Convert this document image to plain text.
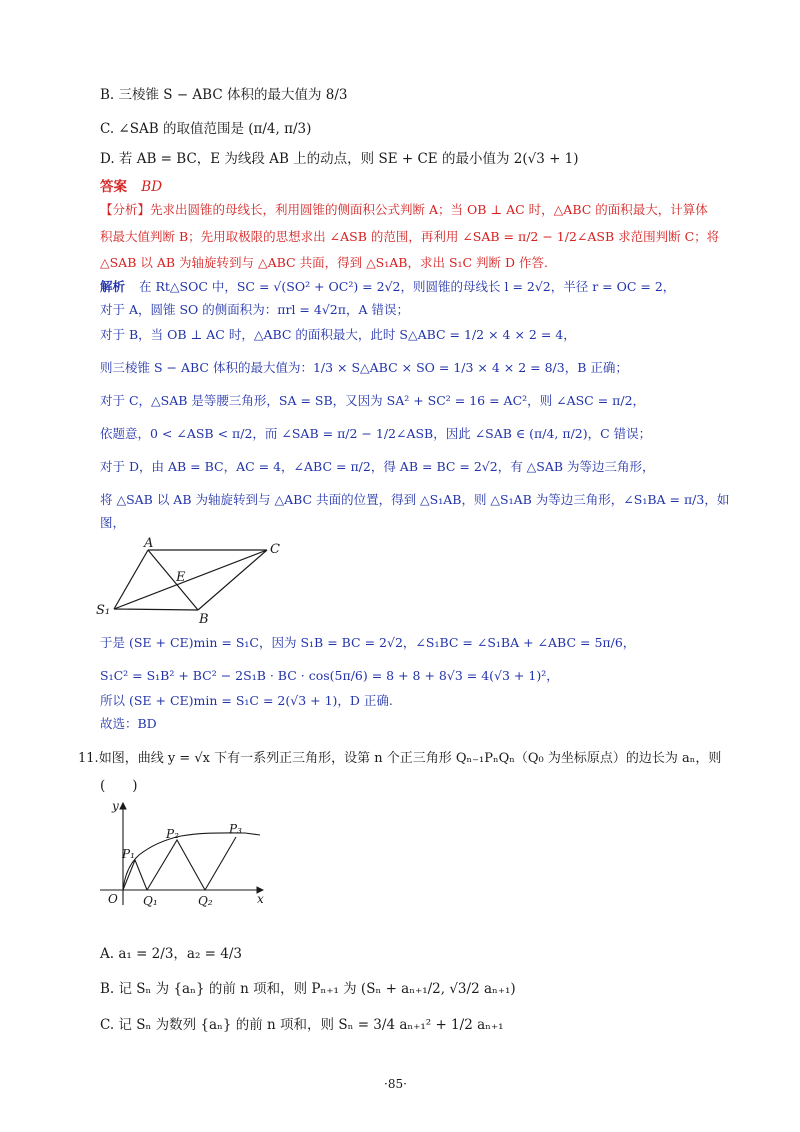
B. 三棱锥 S − ABC 体积的最大值为 8/3
C. ∠SAB 的取值范围是 (π/4, π/3)
D. 若 AB = BC，E 为线段 AB 上的动点，则 SE + CE 的最小值为 2(√3 + 1)
答案 BD
【分析】先求出圆锥的母线长，利用圆锥的侧面积公式判断 A；当 OB ⊥ AC 时，△ABC 的面积最大，计算体
积最大值判断 B；先用取极限的思想求出 ∠ASB 的范围，再利用 ∠SAB = π/2 − 1/2∠ASB 求范围判断 C；将
△SAB 以 AB 为轴旋转到与 △ABC 共面，得到 △S₁AB，求出 S₁C 判断 D 作答.
解析 在 Rt△SOC 中，SC = √(SO² + OC²) = 2√2，则圆锥的母线长 l = 2√2，半径 r = OC = 2，
对于 A，圆锥 SO 的侧面积为：πrl = 4√2π，A 错误；
对于 B，当 OB ⊥ AC 时，△ABC 的面积最大，此时 S△ABC = 1/2 × 4 × 2 = 4，
则三棱锥 S − ABC 体积的最大值为：1/3 × S△ABC × SO = 1/3 × 4 × 2 = 8/3，B 正确；
对于 C，△SAB 是等腰三角形，SA = SB，又因为 SA² + SC² = 16 = AC²，则 ∠ASC = π/2，
依题意，0 < ∠ASB < π/2，而 ∠SAB = π/2 − 1/2∠ASB，因此 ∠SAB ∈ (π/4, π/2)，C 错误；
对于 D，由 AB = BC，AC = 4，∠ABC = π/2，得 AB = BC = 2√2，有 △SAB 为等边三角形，
将 △SAB 以 AB 为轴旋转到与 △ABC 共面的位置，得到 △S₁AB，则 △S₁AB 为等边三角形，∠S₁BA = π/3，如
图，
A	C
E
S₁
B
于是 (SE + CE)min = S₁C，因为 S₁B = BC = 2√2，∠S₁BC = ∠S₁BA + ∠ABC = 5π/6，
S₁C² = S₁B² + BC² − 2S₁B · BC · cos(5π/6) = 8 + 8 + 8√3 = 4(√3 + 1)²，
所以 (SE + CE)min = S₁C = 2(√3 + 1)，D 正确.
故选：BD
11.如图，曲线 y = √x 下有一系列正三角形，设第 n 个正三角形 Qₙ₋₁PₙQₙ（Q₀ 为坐标原点）的边长为 aₙ，则
(　　)
y
x
O
P₁
P₂	P₃
Q₁	Q₂
A. a₁ = 2/3，a₂ = 4/3
B. 记 Sₙ 为 {aₙ} 的前 n 项和，则 Pₙ₊₁ 为 (Sₙ + aₙ₊₁/2, √3/2 aₙ₊₁)
C. 记 Sₙ 为数列 {aₙ} 的前 n 项和，则 Sₙ = 3/4 aₙ₊₁² + 1/2 aₙ₊₁
·85·
